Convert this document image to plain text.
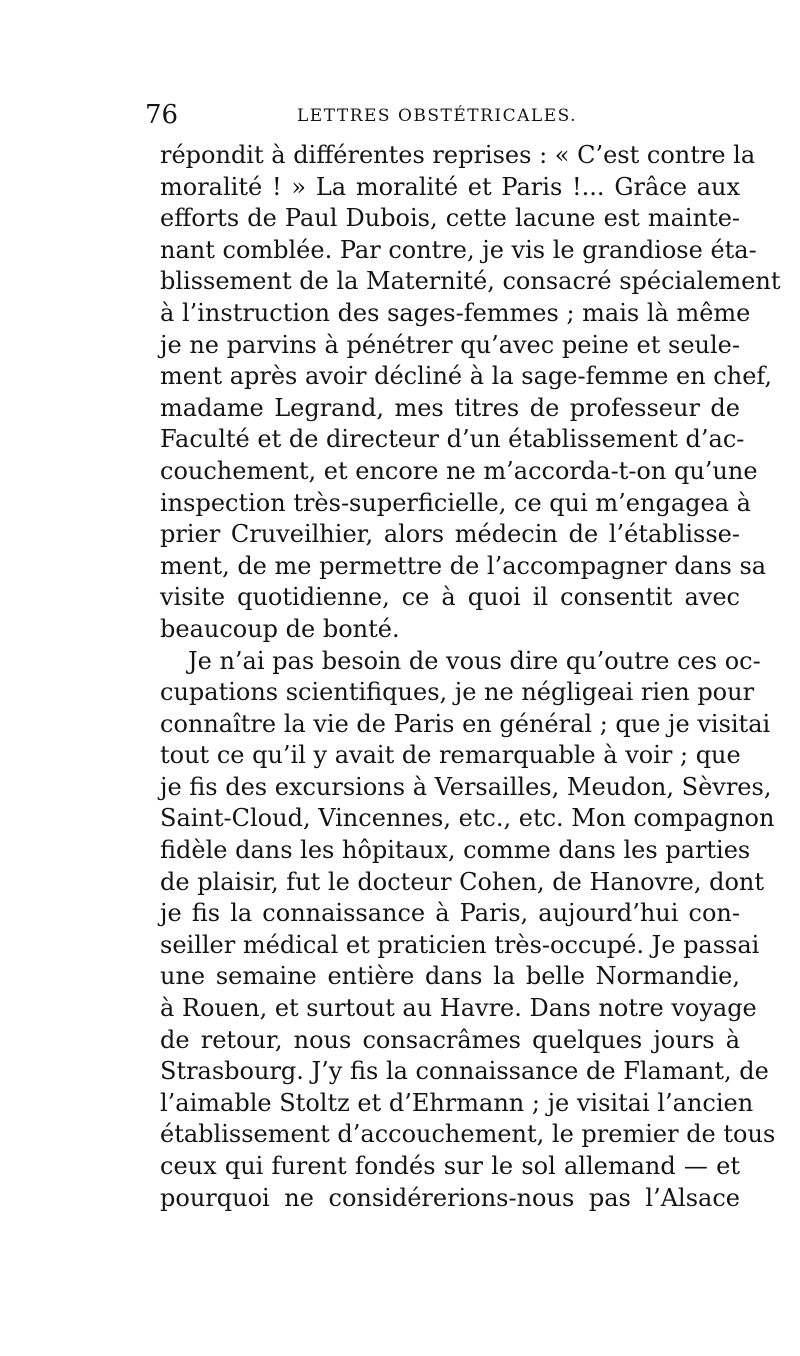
76	LETTRES OBSTÉTRICALES.
répondit à différentes reprises : « C’est contre la
moralité ! » La moralité et Paris !... Grâce aux
efforts de Paul Dubois, cette lacune est mainte-
nant comblée. Par contre, je vis le grandiose éta-
blissement de la Maternité, consacré spécialement
à l’instruction des sages-femmes ; mais là même
je ne parvins à pénétrer qu’avec peine et seule-
ment après avoir décliné à la sage-femme en chef,
madame Legrand, mes titres de professeur de
Faculté et de directeur d’un établissement d’ac-
couchement, et encore ne m’accorda-t-on qu’une
inspection très-superficielle, ce qui m’engagea à
prier Cruveilhier, alors médecin de l’établisse-
ment, de me permettre de l’accompagner dans sa
visite quotidienne, ce à quoi il consentit avec
beaucoup de bonté.
Je n’ai pas besoin de vous dire qu’outre ces oc-
cupations scientifiques, je ne négligeai rien pour
connaître la vie de Paris en général ; que je visitai
tout ce qu’il y avait de remarquable à voir ; que
je fis des excursions à Versailles, Meudon, Sèvres,
Saint-Cloud, Vincennes, etc., etc. Mon compagnon
fidèle dans les hôpitaux, comme dans les parties
de plaisir, fut le docteur Cohen, de Hanovre, dont
je fis la connaissance à Paris, aujourd’hui con-
seiller médical et praticien très-occupé. Je passai
une semaine entière dans la belle Normandie,
à Rouen, et surtout au Havre. Dans notre voyage
de retour, nous consacrâmes quelques jours à
Strasbourg. J’y fis la connaissance de Flamant, de
l’aimable Stoltz et d’Ehrmann ; je visitai l’ancien
établissement d’accouchement, le premier de tous
ceux qui furent fondés sur le sol allemand — et
pourquoi ne considérerions-nous pas l’Alsace
